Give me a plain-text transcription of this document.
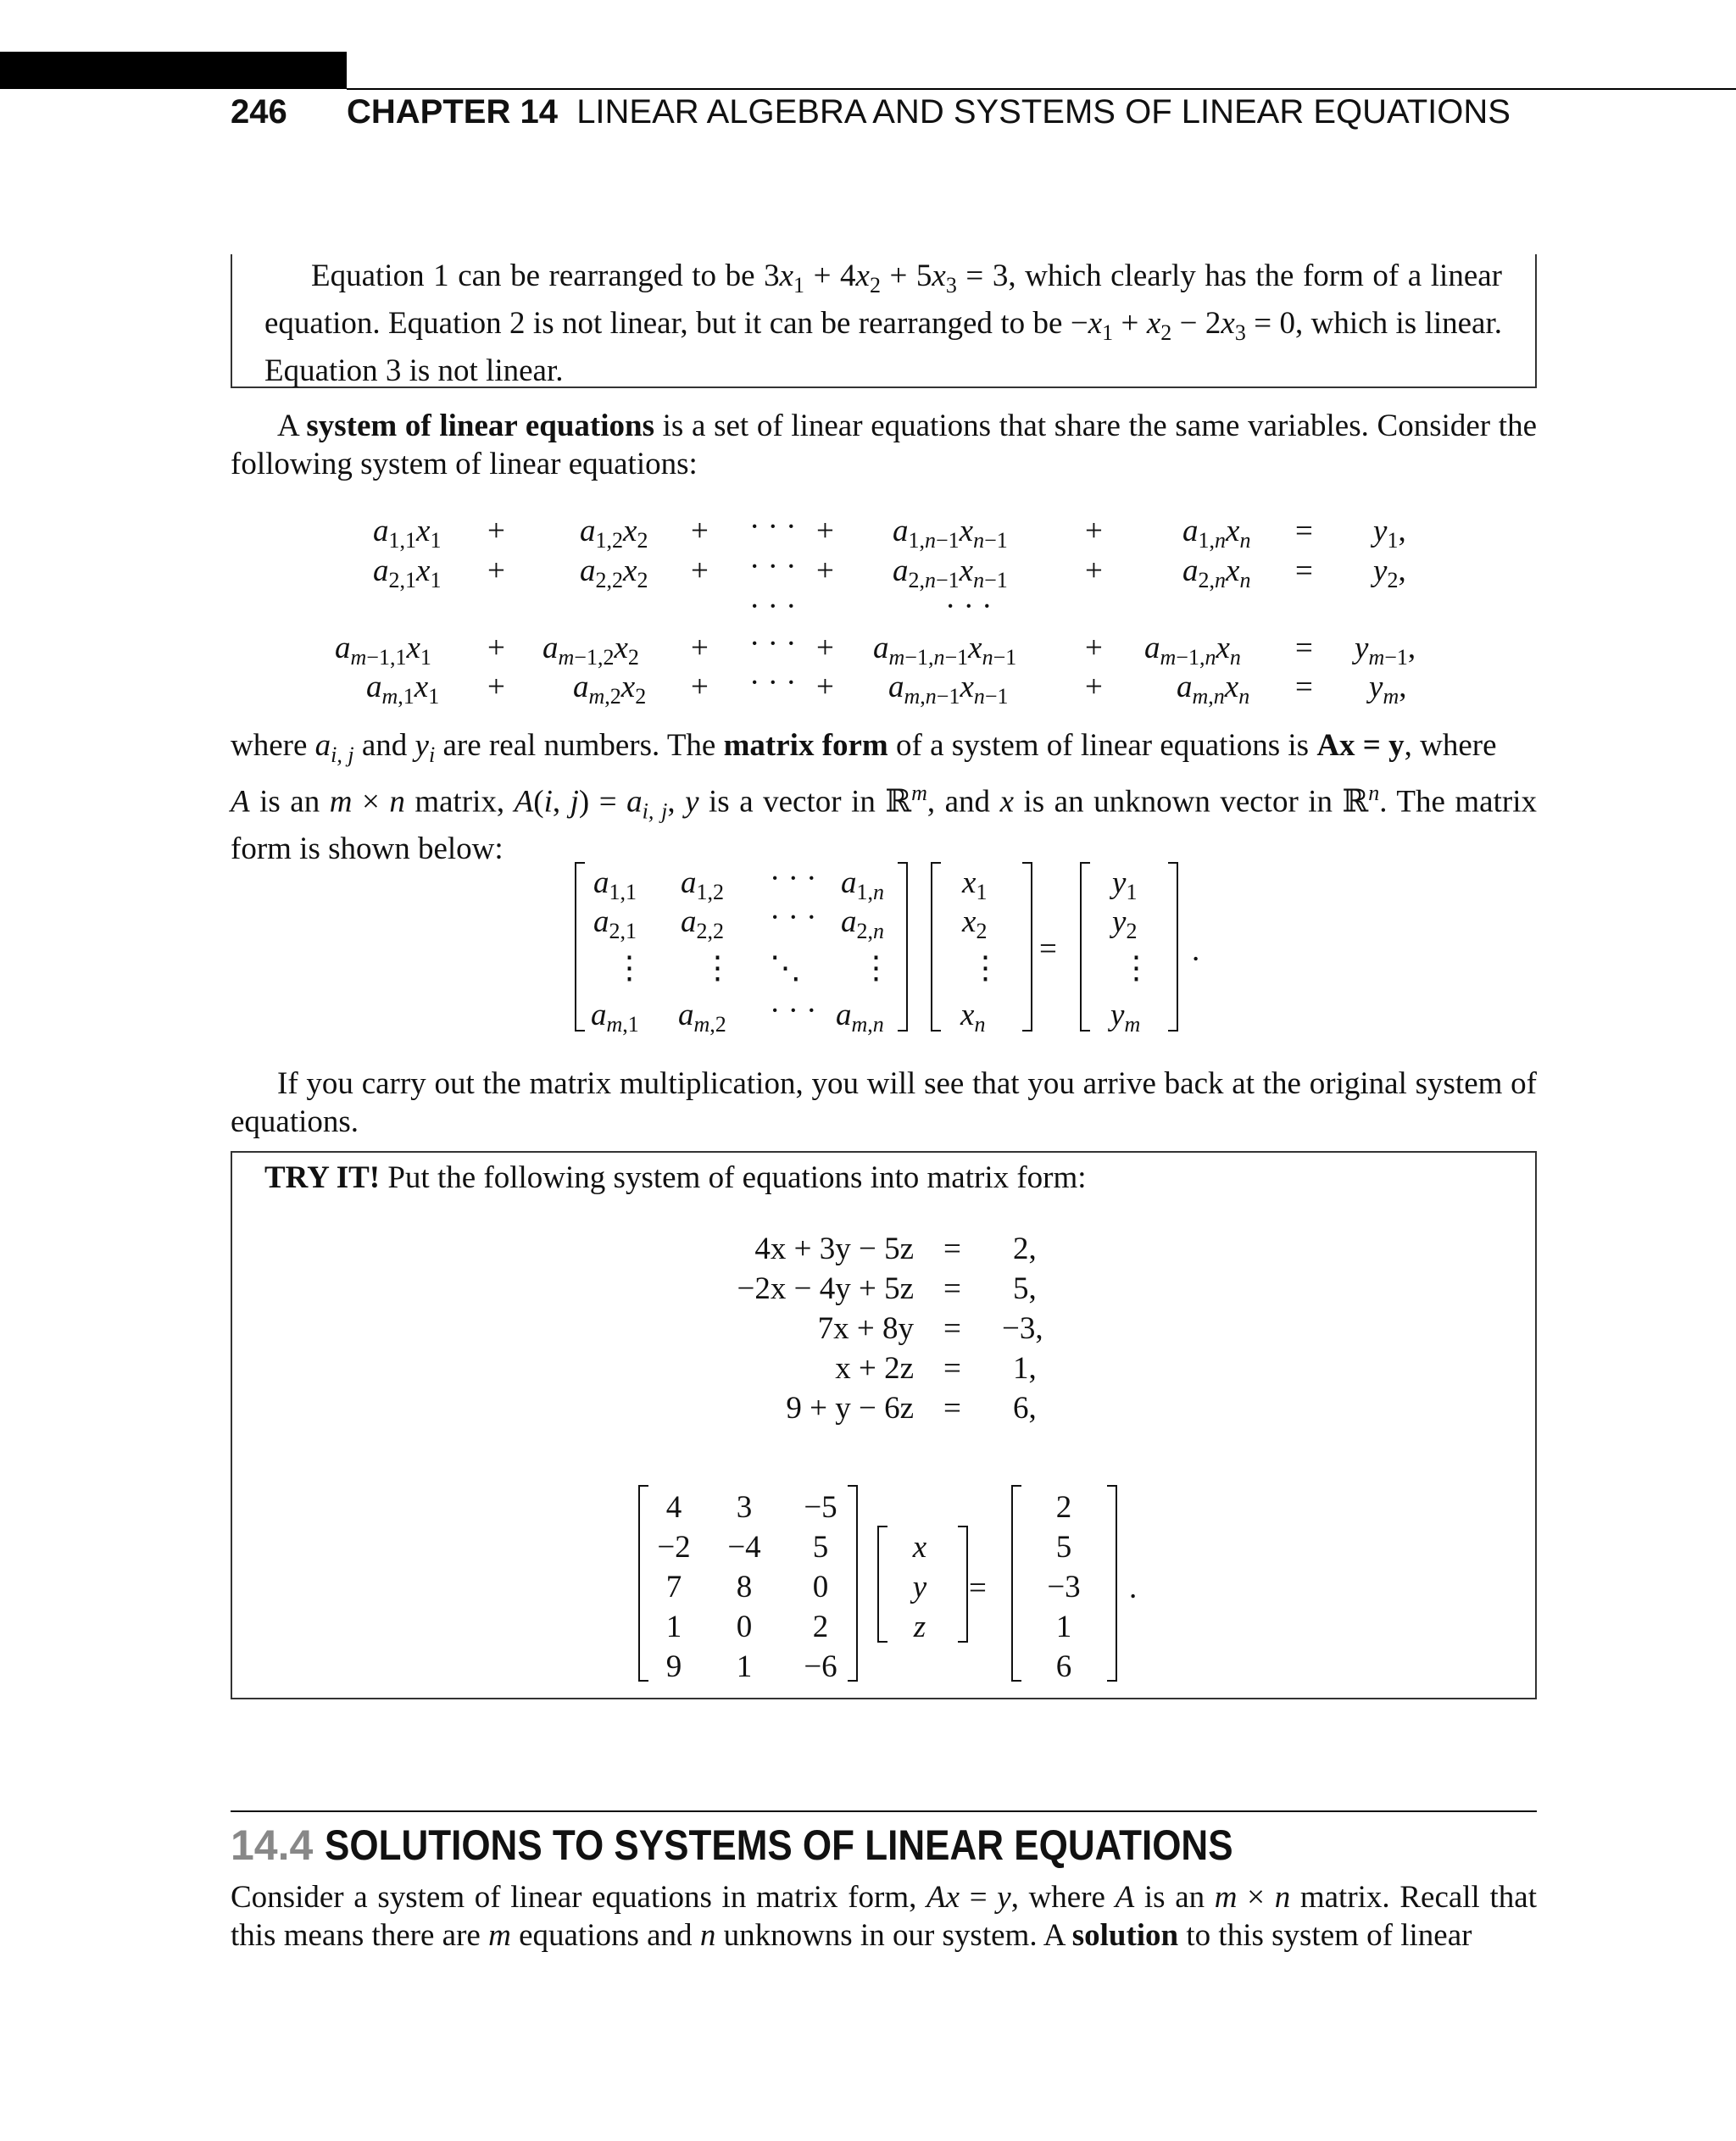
246 CHAPTER 14 LINEAR ALGEBRA AND SYSTEMS OF LINEAR EQUATIONS
Equation 1 can be rearranged to be $3x_1 + 4x_2 + 5x_3 = 3$, which clearly has the form of a linear equation. Equation 2 is not linear, but it can be rearranged to be $-x_1 + x_2 - 2x_3 = 0$, which is linear. Equation 3 is not linear.
A system of linear equations is a set of linear equations that share the same variables. Consider the following system of linear equations:
$a_{1,1}x_1 + a_{1,2}x_2$ + · · · + $a_{1,n-1}x_{n-1}$ +	$a_{1,n}x_n = y_1$,
$a_{2,1}x_1 + a_{2,2}x_2$ + · · · + $a_{2,n-1}x_{n-1}$ +	$a_{2,n}x_n = y_2$,
· · ·	· · ·
$a_{m-1,1}x_1 + a_{m-1,2}x_2$ + · · · + $a_{m-1,n-1}x_{n-1} + a_{m-1,n}x_n = y_{m-1}$,
$a_{m,1}x_1 + a_{m,2}x_2$ + · · · + $a_{m,n-1}x_{n-1} + a_{m,n}x_n = y_m$,
where $a_{i, j}$ and $y_i$ are real numbers. The matrix form of a system of linear equations is Ax = y, where
A is an m × n matrix, A(i, $j) = a_{i, j}$, y is a vector in ℝ$^m$, and x is an unknown vector in ℝ$^n$. The matrix form is shown below:
$a_{1,1}$ $a_{1,2}$ · · · $a_{1,n}$
$a_{2,1}$ $a_{2,2}$ · · · $a_{2,n}$
⋮ ⋮ ⋱ ⋮
$a_{m,1}$ $a_{m,2}$ · · · $a_{m,n}$
$x_1$
$x_2$
⋮
$x_n$
=
$y_1$
$y_2$
⋮
$y_m$
.
If you carry out the matrix multiplication, you will see that you arrive back at the original system of equations.
TRY IT! Put the following system of equations into matrix form:
4x + 3y − 5z = 2,
−2x − 4y + 5z = 5,
7x + 8y = −3,
x + 2z = 1,
9 + y − 6z = 6,
4	3	−5
−2	−4	5
7	8	0
1	0	2
9	1	−6
x
y
z
=
2
5
−3
1
6
.
14.4 SOLUTIONS TO SYSTEMS OF LINEAR EQUATIONS
Consider a system of linear equations in matrix form, Ax = y, where A is an m × n matrix. Recall that this means there are m equations and n unknowns in our system. A solution to this system of linear
